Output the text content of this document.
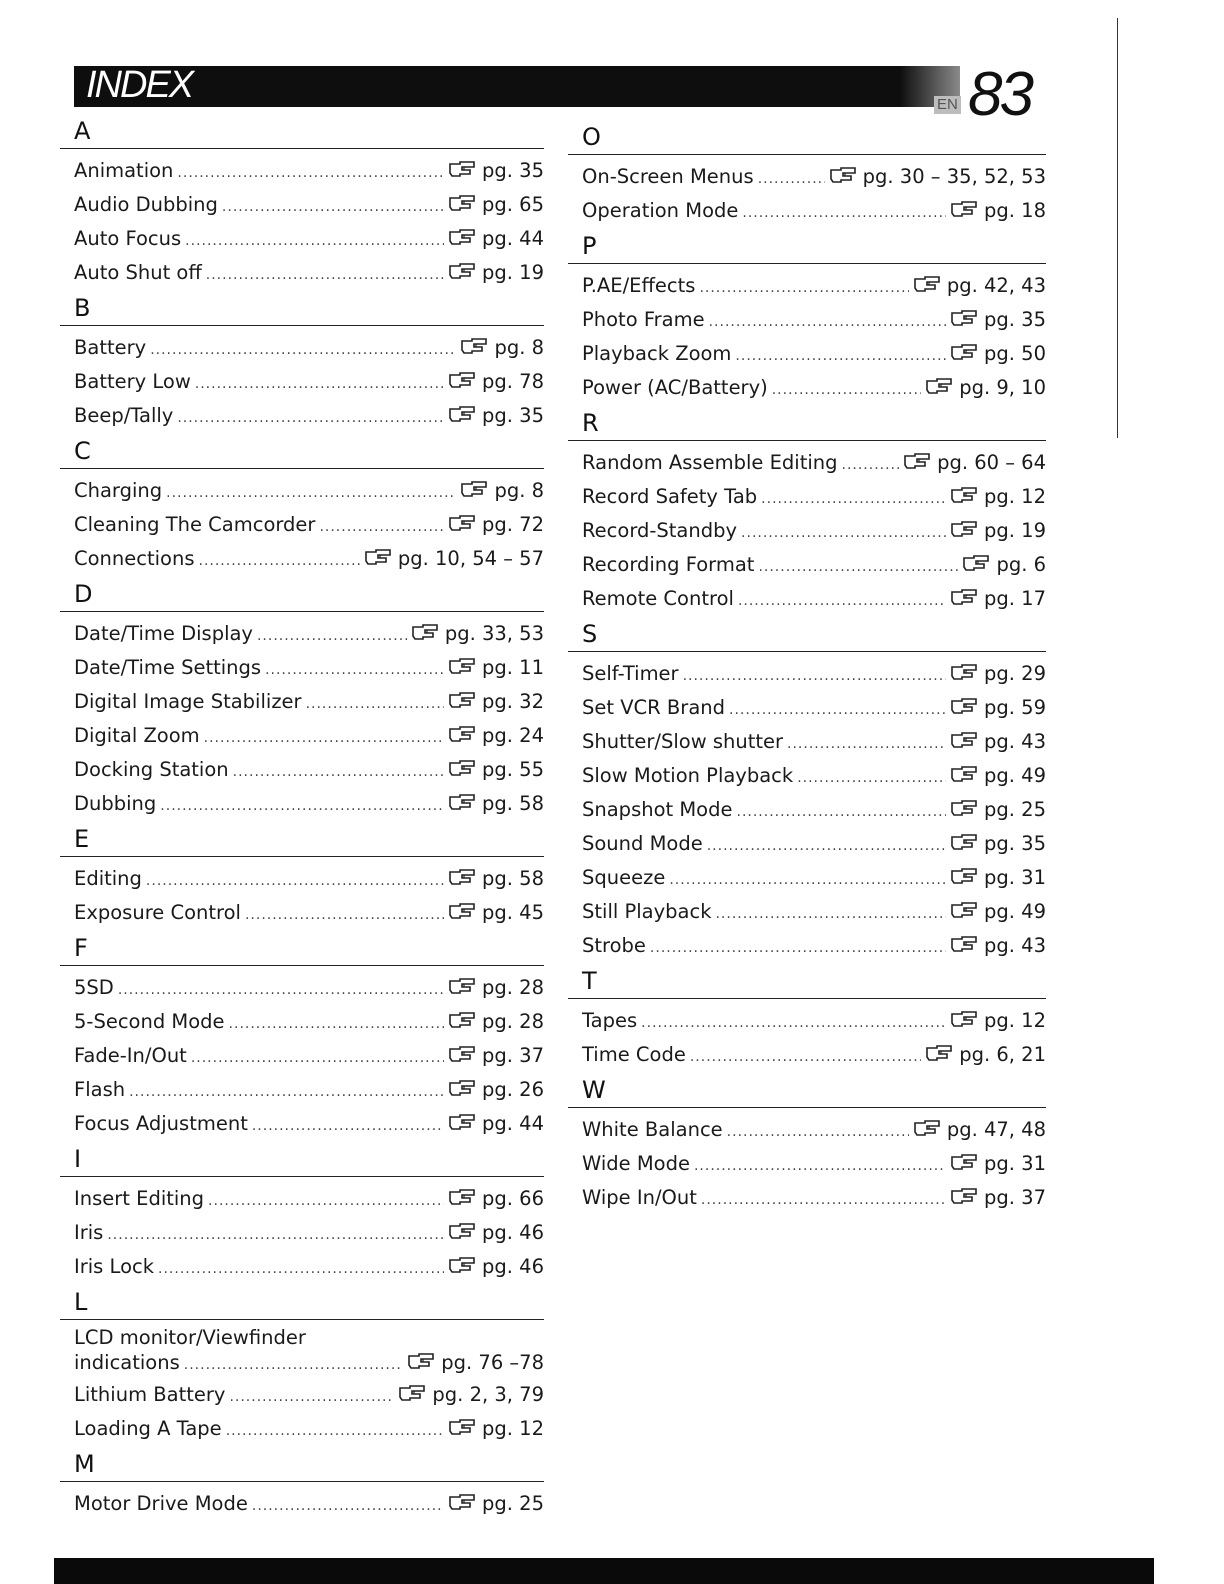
INDEX	EN 83
A
Animation .....	pg. 35
Audio Dubbing .....	pg. 65
Auto Focus .....	pg. 44
Auto Shut off .....	pg. 19
B
Battery .....	pg. 8
Battery Low .....	pg. 78
Beep/Tally .....	pg. 35
C
Charging .....	pg. 8
Cleaning The Camcorder .....	pg. 72
Connections .....	pg. 10, 54 – 57
D
Date/Time Display .....	pg. 33, 53
Date/Time Settings .....	pg. 11
Digital Image Stabilizer .....	pg. 32
Digital Zoom .....	pg. 24
Docking Station .....	pg. 55
Dubbing .....	pg. 58
E
Editing .....	pg. 58
Exposure Control .....	pg. 45
F
5SD .....	pg. 28
5-Second Mode .....	pg. 28
Fade-In/Out .....	pg. 37
Flash .....	pg. 26
Focus Adjustment .....	pg. 44
I
Insert Editing .....	pg. 66
Iris .....	pg. 46
Iris Lock .....	pg. 46
L
LCD monitor/Viewfinder
indications .....	pg. 76 –78
Lithium Battery .....	pg. 2, 3, 79
Loading A Tape .....	pg. 12
M
Motor Drive Mode .....	pg. 25
O
On-Screen Menus .....	pg. 30 – 35, 52, 53
Operation Mode .....	pg. 18
P
P.AE/Effects .....	pg. 42, 43
Photo Frame .....	pg. 35
Playback Zoom .....	pg. 50
Power (AC/Battery) .....	pg. 9, 10
R
Random Assemble Editing .....	pg. 60 – 64
Record Safety Tab .....	pg. 12
Record-Standby .....	pg. 19
Recording Format .....	pg. 6
Remote Control .....	pg. 17
S
Self-Timer .....	pg. 29
Set VCR Brand .....	pg. 59
Shutter/Slow shutter .....	pg. 43
Slow Motion Playback .....	pg. 49
Snapshot Mode .....	pg. 25
Sound Mode .....	pg. 35
Squeeze .....	pg. 31
Still Playback .....	pg. 49
Strobe .....	pg. 43
T
Tapes .....	pg. 12
Time Code .....	pg. 6, 21
W
White Balance .....	pg. 47, 48
Wide Mode .....	pg. 31
Wipe In/Out .....	pg. 37
